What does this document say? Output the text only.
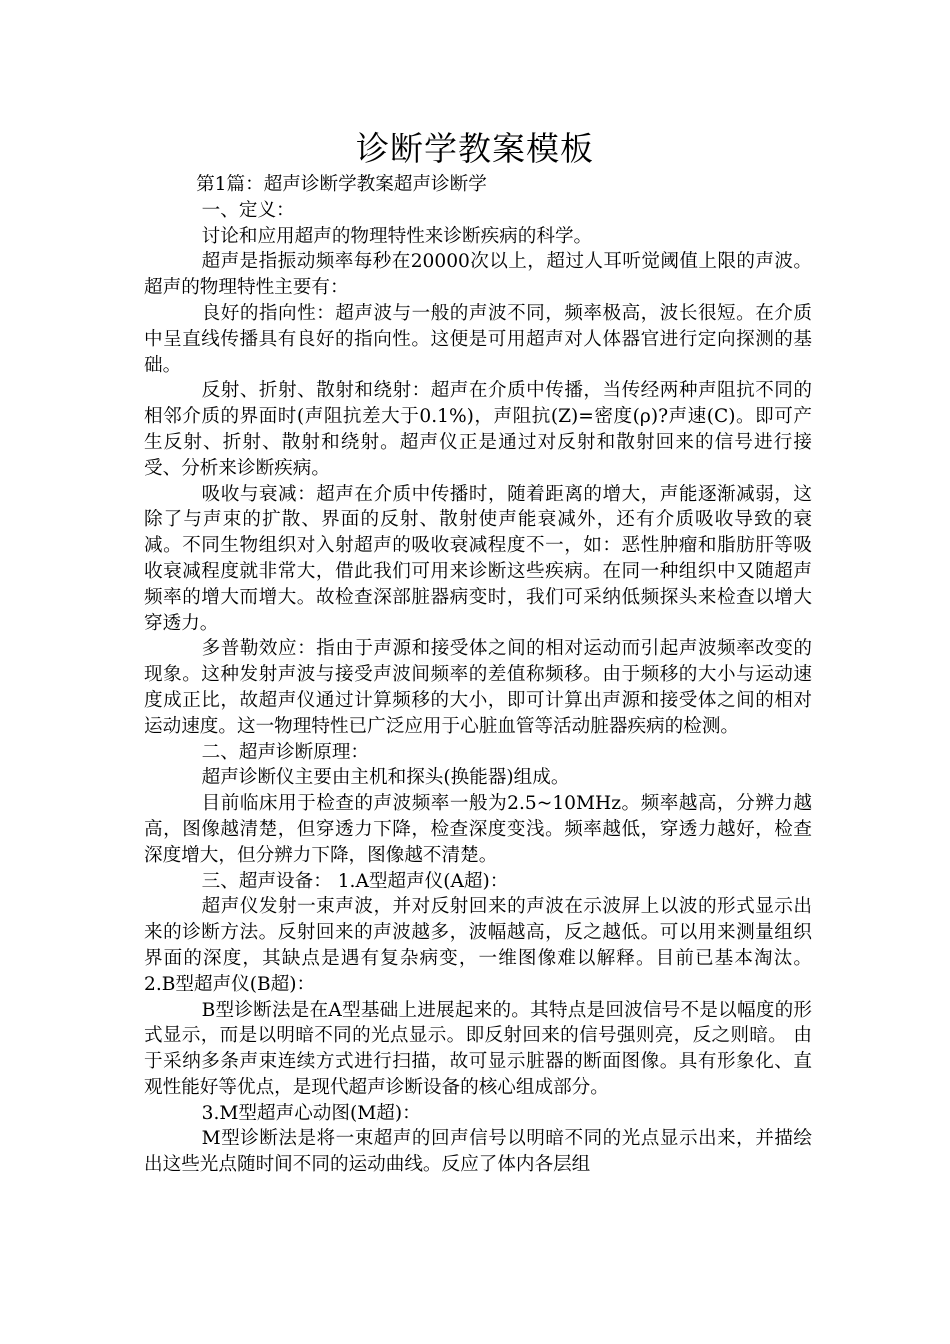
诊断学教案模板

第1篇：超声诊断学教案超声诊断学

一、定义：

讨论和应用超声的物理特性来诊断疾病的科学。

超声是指振动频率每秒在20000次以上，超过人耳听觉阈值上限的声波。 超声的物理特性主要有：

良好的指向性：超声波与一般的声波不同，频率极高，波长很短。在介质中呈直线传播具有良好的指向性。这便是可用超声对人体器官进行定向探测的基础。

反射、折射、散射和绕射：超声在介质中传播，当传经两种声阻抗不同的相邻介质的界面时(声阻抗差大于0.1%)，声阻抗(Z)=密度(ρ)?声速(C)。即可产生反射、折射、散射和绕射。超声仪正是通过对反射和散射回来的信号进行接受、分析来诊断疾病。

吸收与衰减：超声在介质中传播时，随着距离的增大，声能逐渐减弱，这除了与声束的扩散、界面的反射、散射使声能衰减外，还有介质吸收导致的衰减。不同生物组织对入射超声的吸收衰减程度不一，如：恶性肿瘤和脂肪肝等吸收衰减程度就非常大，借此我们可用来诊断这些疾病。在同一种组织中又随超声频率的增大而增大。故检查深部脏器病变时，我们可采纳低频探头来检查以增大穿透力。

多普勒效应：指由于声源和接受体之间的相对运动而引起声波频率改变的现象。这种发射声波与接受声波间频率的差值称频移。由于频移的大小与运动速度成正比，故超声仪通过计算频移的大小，即可计算出声源和接受体之间的相对运动速度。这一物理特性已广泛应用于心脏血管等活动脏器疾病的检测。

二、超声诊断原理：

超声诊断仪主要由主机和探头(换能器)组成。

目前临床用于检查的声波频率一般为2.5~10MHz。频率越高，分辨力越高，图像越清楚，但穿透力下降，检查深度变浅。频率越低，穿透力越好，检查深度增大，但分辨力下降，图像越不清楚。

三、超声设备： 1.A型超声仪(A超)：

超声仪发射一束声波，并对反射回来的声波在示波屏上以波的形式显示出来的诊断方法。反射回来的声波越多，波幅越高，反之越低。可以用来测量组织界面的深度，其缺点是遇有复杂病变，一维图像难以解释。目前已基本淘汰。 2.B型超声仪(B超)：

B型诊断法是在A型基础上进展起来的。其特点是回波信号不是以幅度的形式显示，而是以明暗不同的光点显示。即反射回来的信号强则亮，反之则暗。 由于采纳多条声束连续方式进行扫描，故可显示脏器的断面图像。具有形象化、直观性能好等优点，是现代超声诊断设备的核心组成部分。

3.M型超声心动图(M超)：

M型诊断法是将一束超声的回声信号以明暗不同的光点显示出来，并描绘出这些光点随时间不同的运动曲线。反应了体内各层组
